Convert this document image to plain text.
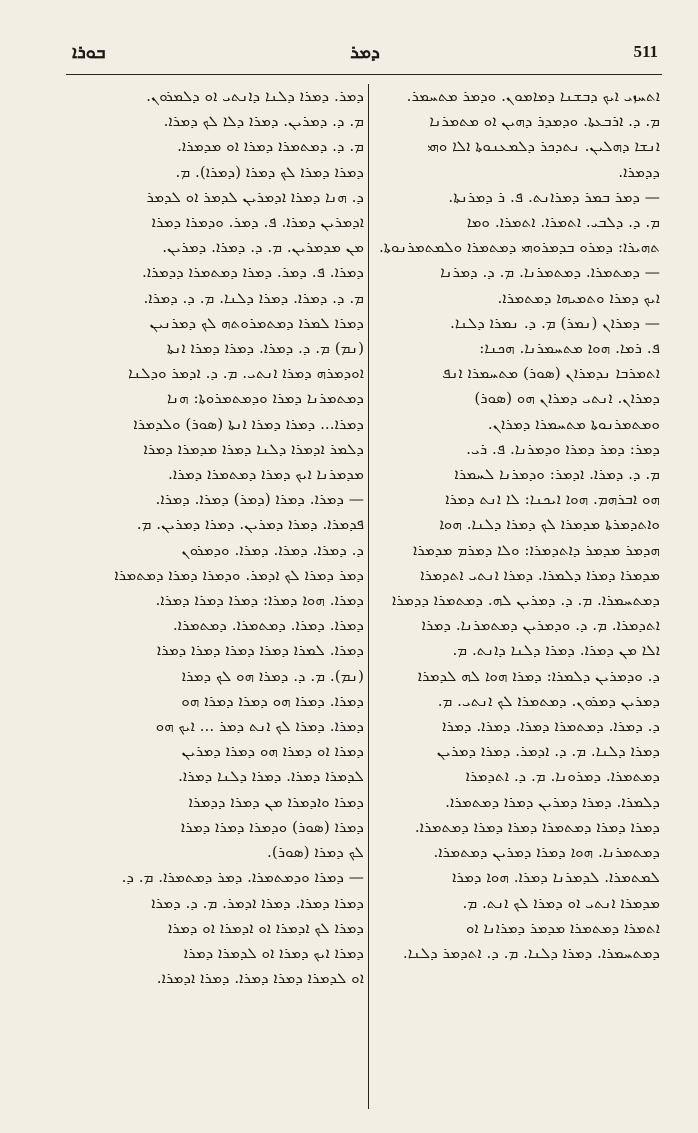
ܒܘܪܐ	ܕܡܪ	511
ܐܬܚܙܝ ܐܝܟ ܕܒܫܢܐ ܕܡܐܡܘܢ. ܘܕܡܪ ܡܬܚܡܪ.
ܡ. ܕ. ܐܪܒܥܬܐ. ܘܕܡܕܪ ܕܗܝܢ ܐܘ ܡܬܡܪܢܐ
ܐܢܫܐ ܕܗܠܝܢ. ܢܬܕܟܪ ܕܠܡܥܢܘܬܐ ܐܠܐ ܘܗܝ
ܕܕܡܪܐ.
— ܕܡܪ ܒܡܪ ܕܡܪܐܢܬ. ܦ. ܪ ܕܡܪܢܬܐ.
ܡ. ܕ. ܕܠܒܝ. ܐܬܡܪܐ. ܐܬܡܪܐ. ܘܡܐ
ܬܗܝܪܐ: ܕܡܪܘ ܒܕܡܪܘܗܝ ܕܡܬܡܪܐ ܘܠܡܬܡܪܢܘܬܐ.
— ܕܡܬܡܪܐ. ܕܡܬܡܪܢܐ. ܡ. ܕ. ܕܡܪܢܐ
ܐܝܟ ܕܡܪܐ ܘܬܡܝܗܐ ܕܡܬܡܪܐ.
— ܕܡܪܐܢ (ܢܡܪ) ܡ. ܕ. ܢܡܪܐ ܕܠܢܐ.
ܦ. ܪܡܐ. ܗܘܐ ܡܬܚܡܪܢܐ. ܗܟܢܐ:
ܐܬܡܪܒܐ ܢܕܡܪܐܢ (ܣܘܪ) ܡܬܚܡܪܐ ܐܢܦ
ܕܡܪܐܢ. ܐܢܬܝ ܕܡܪܐܢ ܗܘ (ܣܘܪ)
ܘܡܬܡܪܢܘܬܐ ܡܬܚܡܪܐ ܕܡܪܐܢ.
ܕܡܪ: ܕܡܪ ܕܡܪܐ ܘܕܡܪܢܐ. ܦ. ܪܝ.
ܡ. ܕ. ܕܡܪܐ. ܐܕܡܪ: ܘܕܡܪܢܐ ܠܚܡܪܐ
ܗܘ ܐܒܪܗܡ. ܗܘܐ ܐܝܟܢܐ: ܠܐ ܐܢܬ ܕܡܪܐ
ܘܐܬܕܡܪܬܐ ܡܕܡܪܐ ܠܟ ܕܡܪܐ ܕܠܢܐ. ܗܘܐ
ܗܕܡܪ ܡܕܡܪ ܕܐܬܕܡܪܐ: ܘܠܐ ܕܡܪܡ ܡܕܡܪܐ
ܡܕܡܪܐ ܕܡܪܐ ܕܠܡܪܐ. ܕܡܪܐ ܐܢܬܝ ܐܬܕܡܪܐ
ܕܡܬܚܡܪܐ. ܡ. ܕ. ܕܡܪܝܢ ܠܗ. ܕܡܬܡܪܐ ܕܕܡܪܐ
ܐܬܕܡܪܐ. ܡ. ܕ. ܘܕܡܪܝܢ ܕܡܬܡܪܢܐ. ܕܡܪܐ
ܐܠܐ ܡܢ ܕܡܪܐ. ܕܡܪܐ ܕܠܢܐ ܕܐܢܬ. ܡ.
ܕ. ܘܕܡܪܝܢ ܕܠܡܪܐ: ܕܡܪܐ ܗܘܐ ܠܗ ܠܕܡܪܐ
ܕܡܪܝܢ ܕܡܪܘܢ. ܕܡܬܡܪܐ ܠܟ ܐܢܬܝ. ܡ.
ܕ. ܕܡܪܐ. ܕܡܬܡܪܐ ܕܡܪܐ. ܕܡܪܐ. ܕܡܪܐ
ܕܡܪܐ ܕܠܢܐ. ܡ. ܕ. ܐܕܡܪ. ܕܡܪܐ ܕܡܪܝܢ
ܕܡܬܡܪܐ. ܕܡܪܘܢܐ. ܡ. ܕ. ܐܬܕܡܪܐ
ܕܠܡܪܐ. ܕܡܪܐ ܕܡܪܝܢ ܕܡܪܐ ܕܡܬܡܪܐ.
ܕܡܪܐ ܕܡܪܐ ܕܡܬܡܪܐ ܕܡܪܐ ܕܡܪܐ ܕܡܬܡܪܐ.
ܕܡܬܡܪܢܐ. ܗܘܐ ܕܡܪܐ ܕܡܪܝܢ ܕܡܬܡܪܐ.
ܠܡܬܡܪܐ. ܠܕܡܪܢܐ ܕܡܪܐ. ܗܘܐ ܕܡܪܐ
ܡܕܡܪܐ ܐܢܬܝ ܐܘ ܕܡܪܐ ܠܟ ܐܢܬ. ܡ.
ܐܬܡܪܐ ܕܡܬܡܪܐ ܡܕܡܪ ܕܡܪܐܢܐ ܐܘ
ܕܡܬܚܡܪܐ. ܕܡܪܐ ܕܠܢܐ. ܡ. ܕ. ܐܬܕܡܪ ܕܠܢܐ.
ܕܡܪ. ܕܡܪܐ ܕܠܢܐ ܕܐܢܬܝ ܐܘ ܕܠܡܪܘܢ.
ܡ. ܕ. ܕܡܪܝܢ. ܕܡܪܐ ܕܠܐ ܠܟ ܕܡܪܐ.
ܡ. ܕ. ܕܡܬܡܪܐ ܕܡܪܐ ܐܘ ܡܕܡܪܐ.
ܕܡܪܐ ܕܡܪܐ ܠܟ ܕܡܪܐ (ܕܡܪܐ). ܡ.
ܕ. ܗܢܐ ܕܡܪܐ ܐܕܡܪܝܢ ܠܕܡܪ ܐܘ ܠܕܡܪ
ܐܕܡܪܝܢ ܕܡܪܐ. ܦ. ܕܡܪ. ܘܕܡܪܐ ܕܡܪܐ
ܡܢ ܡܕܡܪܝܢ. ܡ. ܕ. ܕܡܪܐ. ܕܡܪܝܢ.
ܕܡܪܐ. ܦ. ܕܡܪ. ܕܡܪܐ ܕܡܬܡܪܐ ܕܕܡܪܐ.
ܡ. ܕ. ܕܡܪܐ. ܕܡܪܐ ܕܠܢܐ. ܡ. ܕ. ܕܡܪܐ.
ܕܡܪܐ ܠܡܪܐ ܕܡܬܡܪܘܬܗ ܠܟ ܕܡܪܢܝܢ
(ܢܡ) ܡ. ܕ. ܕܡܪܐ. ܕܡܪܐ ܕܡܪܐ ܐܢܬܐ
ܐܘܕܡܪܗ ܕܡܪܐ ܐܢܬܝ. ܡ. ܕ. ܐܕܡܪ ܘܕܠܢܐ
ܕܡܬܡܪܢܐ ܕܡܪܐ ܘܕܡܬܡܪܘܬܐ: ܗܢܐ
ܕܡܪܐ... ܕܡܪܐ ܕܡܪܐ ܐܢܬܐ (ܣܘܪ) ܘܠܕܡܪܐ
ܕܠܡܪ ܐܕܡܪܐ ܕܠܢܐ ܕܡܪܐ ܡܕܡܪܐ ܕܡܪܐ
ܡܕܡܪܢܐ ܐܝܟ ܕܡܪܐ ܕܡܬܡܪܐ ܕܡܪܐ.
— ܕܡܪܐ. ܕܡܪܐ (ܕܡܪ) ܕܡܪܐ. ܕܡܪܐ.
ܦܕܡܪܐ. ܕܡܪܐ ܕܡܪܝܢ. ܕܡܪܐ ܕܡܪܝܢ. ܡ.
ܕ. ܕܡܪܐ. ܕܡܪܐ. ܕܡܪܐ. ܘܕܡܪܘܢ
ܕܡܪ ܕܡܪܐ ܠܟ ܐܕܡܪ. ܘܕܡܪܐ ܕܡܪܐ ܕܡܬܡܪܐ
ܕܡܪܐ. ܗܘܐ ܕܡܪܐ: ܕܡܪܐ ܕܡܪܐ ܕܡܪܐ.
ܕܡܪܐ. ܕܡܪܐ. ܕܡܬܡܪܐ. ܕܡܬܡܪܐ.
ܕܡܪܐ. ܠܡܪܐ ܕܡܪܐ ܕܡܪܐ ܕܡܪܐ ܕܡܪܐ
(ܢܡ). ܡ. ܕ. ܕܡܪܐ ܗܘ ܠܟ ܕܡܪܐ
ܕܡܪܐ. ܕܡܪܐ ܗܘ ܕܡܪܐ ܕܡܪܐ ܗܘ
ܕܡܪܐ. ܕܡܪܐ ܠܟ ܐܢܬ ܕܡܪ ... ܐܝܟ ܗܘ
ܕܡܪܐ ܐܘ ܕܡܪܐ ܗܘ ܕܡܪܐ ܕܡܪܝܢ
ܠܕܡܪܐ ܕܡܪܐ. ܕܡܪܐ ܕܠܢܐ ܕܡܪܐ.
ܕܡܪܐ ܘܐܕܡܪܐ ܡܢ ܕܡܪܐ ܕܕܡܪܐ
ܕܡܪܐ (ܣܘܪ) ܘܕܡܪܐ ܕܡܪܐ ܕܡܪܐ
ܠܟ ܕܡܪܐ (ܣܘܪ).
— ܕܡܪܐ ܘܕܡܬܡܪܐ. ܕܡܪ ܕܡܬܡܪܐ. ܡ. ܕ.
ܕܡܪܐ ܕܡܪܐ. ܕܡܪܐ ܐܕܡܪ. ܡ. ܕ. ܕܡܪܐ
ܕܡܪܐ ܠܟ ܐܕܡܪܐ ܐܘ ܐܕܡܪܐ ܐܘ ܕܡܪܐ
ܕܡܪܐ ܐܝܟ ܕܡܪܐ ܐܘ ܠܕܡܪܐ ܕܡܪܐ
ܐܘ ܠܕܡܪܐ ܕܡܪܐ ܕܡܪܐ. ܕܡܪܐ ܐܕܡܪܐ.
